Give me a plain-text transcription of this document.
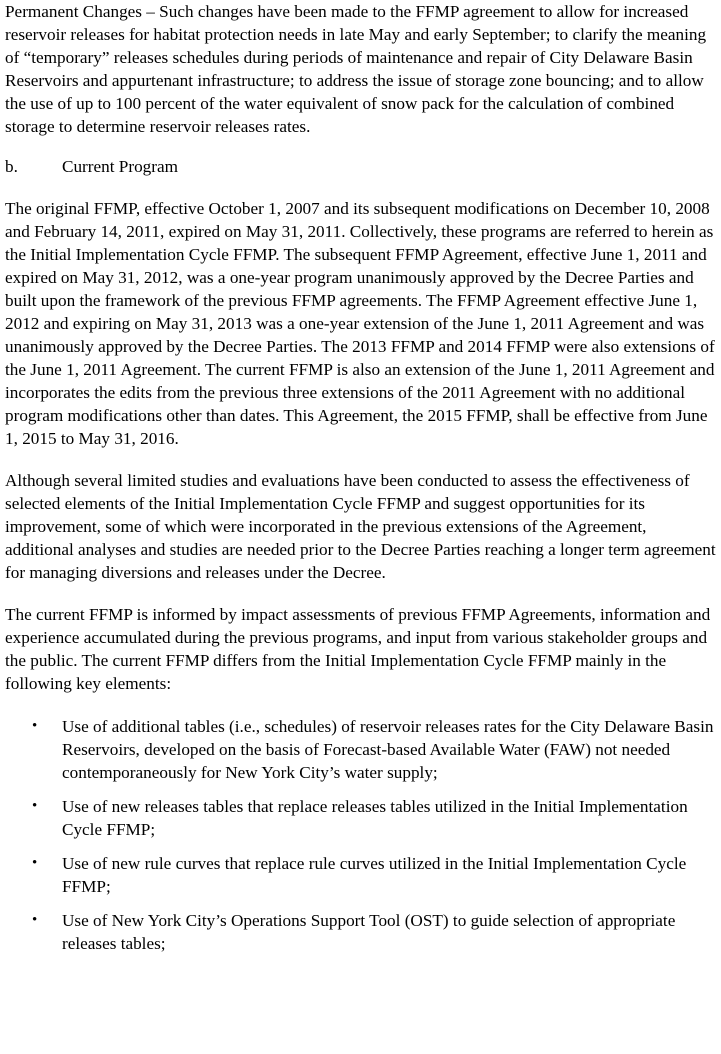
Permanent Changes – Such changes have been made to the FFMP agreement to allow for increased reservoir releases for habitat protection needs in late May and early September; to clarify the meaning of “temporary” releases schedules during periods of maintenance and repair of City Delaware Basin Reservoirs and appurtenant infrastructure; to address the issue of storage zone bouncing; and to allow the use of up to 100 percent of the water equivalent of snow pack for the calculation of combined storage to determine reservoir releases rates.

b.	Current Program

The original FFMP, effective October 1, 2007 and its subsequent modifications on December 10, 2008 and February 14, 2011, expired on May 31, 2011. Collectively, these programs are referred to herein as the Initial Implementation Cycle FFMP. The subsequent FFMP Agreement, effective June 1, 2011 and expired on May 31, 2012, was a one-year program unanimously approved by the Decree Parties and built upon the framework of the previous FFMP agreements. The FFMP Agreement effective June 1, 2012 and expiring on May 31, 2013 was a one-year extension of the June 1, 2011 Agreement and was unanimously approved by the Decree Parties. The 2013 FFMP and 2014 FFMP were also extensions of the June 1, 2011 Agreement. The current FFMP is also an extension of the June 1, 2011 Agreement and incorporates the edits from the previous three extensions of the 2011 Agreement with no additional program modifications other than dates. This Agreement, the 2015 FFMP, shall be effective from June 1, 2015 to May 31, 2016.

Although several limited studies and evaluations have been conducted to assess the effectiveness of selected elements of the Initial Implementation Cycle FFMP and suggest opportunities for its improvement, some of which were incorporated in the previous extensions of the Agreement, additional analyses and studies are needed prior to the Decree Parties reaching a longer term agreement for managing diversions and releases under the Decree.

The current FFMP is informed by impact assessments of previous FFMP Agreements, information and experience accumulated during the previous programs, and input from various stakeholder groups and the public. The current FFMP differs from the Initial Implementation Cycle FFMP mainly in the following key elements:

• Use of additional tables (i.e., schedules) of reservoir releases rates for the City Delaware Basin Reservoirs, developed on the basis of Forecast-based Available Water (FAW) not needed contemporaneously for New York City’s water supply;
• Use of new releases tables that replace releases tables utilized in the Initial Implementation Cycle FFMP;
• Use of new rule curves that replace rule curves utilized in the Initial Implementation Cycle FFMP;
• Use of New York City’s Operations Support Tool (OST) to guide selection of appropriate releases tables;
